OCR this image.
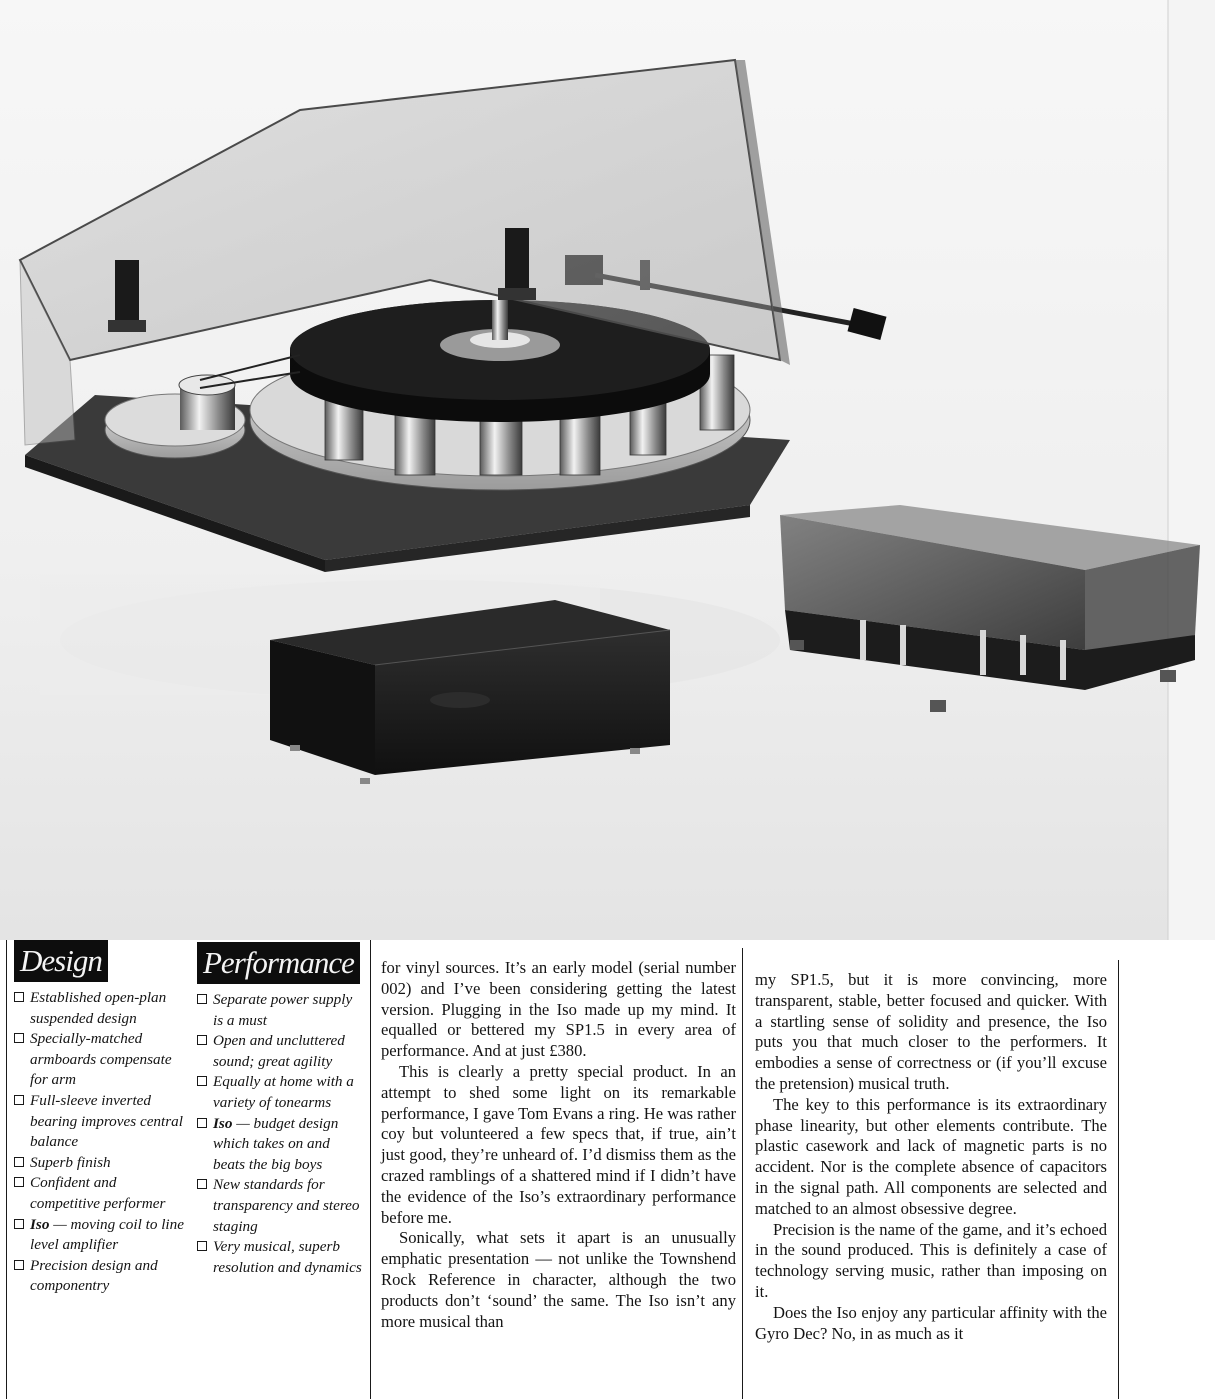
Design
Established open-plan suspended design
Specially-matched armboards compensate for arm
Full-sleeve inverted bearing improves central balance
Superb finish
Confident and competitive performer
Iso — moving coil to line level amplifier
Precision design and componentry
Performance
Separate power supply is a must
Open and uncluttered sound; great agility
Equally at home with a variety of tonearms
Iso — budget design which takes on and beats the big boys
New standards for transparency and stereo staging
Very musical, superb resolution and dynamics

for vinyl sources. It’s an early model (serial number 002) and I’ve been considering getting the latest version. Plugging in the Iso made up my mind. It equalled or bettered my SP1.5 in every area of performance. And at just £380.

This is clearly a pretty special product. In an attempt to shed some light on its remarkable performance, I gave Tom Evans a ring. He was rather coy but volunteered a few specs that, if true, ain’t just good, they’re unheard of. I’d dismiss them as the crazed ramblings of a shattered mind if I didn’t have the evidence of the Iso’s extraordinary performance before me.

Sonically, what sets it apart is an unusually emphatic presentation — not unlike the Townshend Rock Reference in character, although the two products don’t ‘sound’ the same. The Iso isn’t any more musical than

my SP1.5, but it is more convincing, more transparent, stable, better focused and quicker. With a startling sense of solidity and presence, the Iso puts you that much closer to the performers. It embodies a sense of correctness or (if you’ll excuse the pretension) musical truth.

The key to this performance is its extraordinary phase linearity, but other elements contribute. The plastic casework and lack of magnetic parts is no accident. Nor is the complete absence of capacitors in the signal path. All components are selected and matched to an almost obsessive degree.

Precision is the name of the game, and it’s echoed in the sound produced. This is definitely a case of technology serving music, rather than imposing on it.

Does the Iso enjoy any particular affinity with the Gyro Dec? No, in as much as it
